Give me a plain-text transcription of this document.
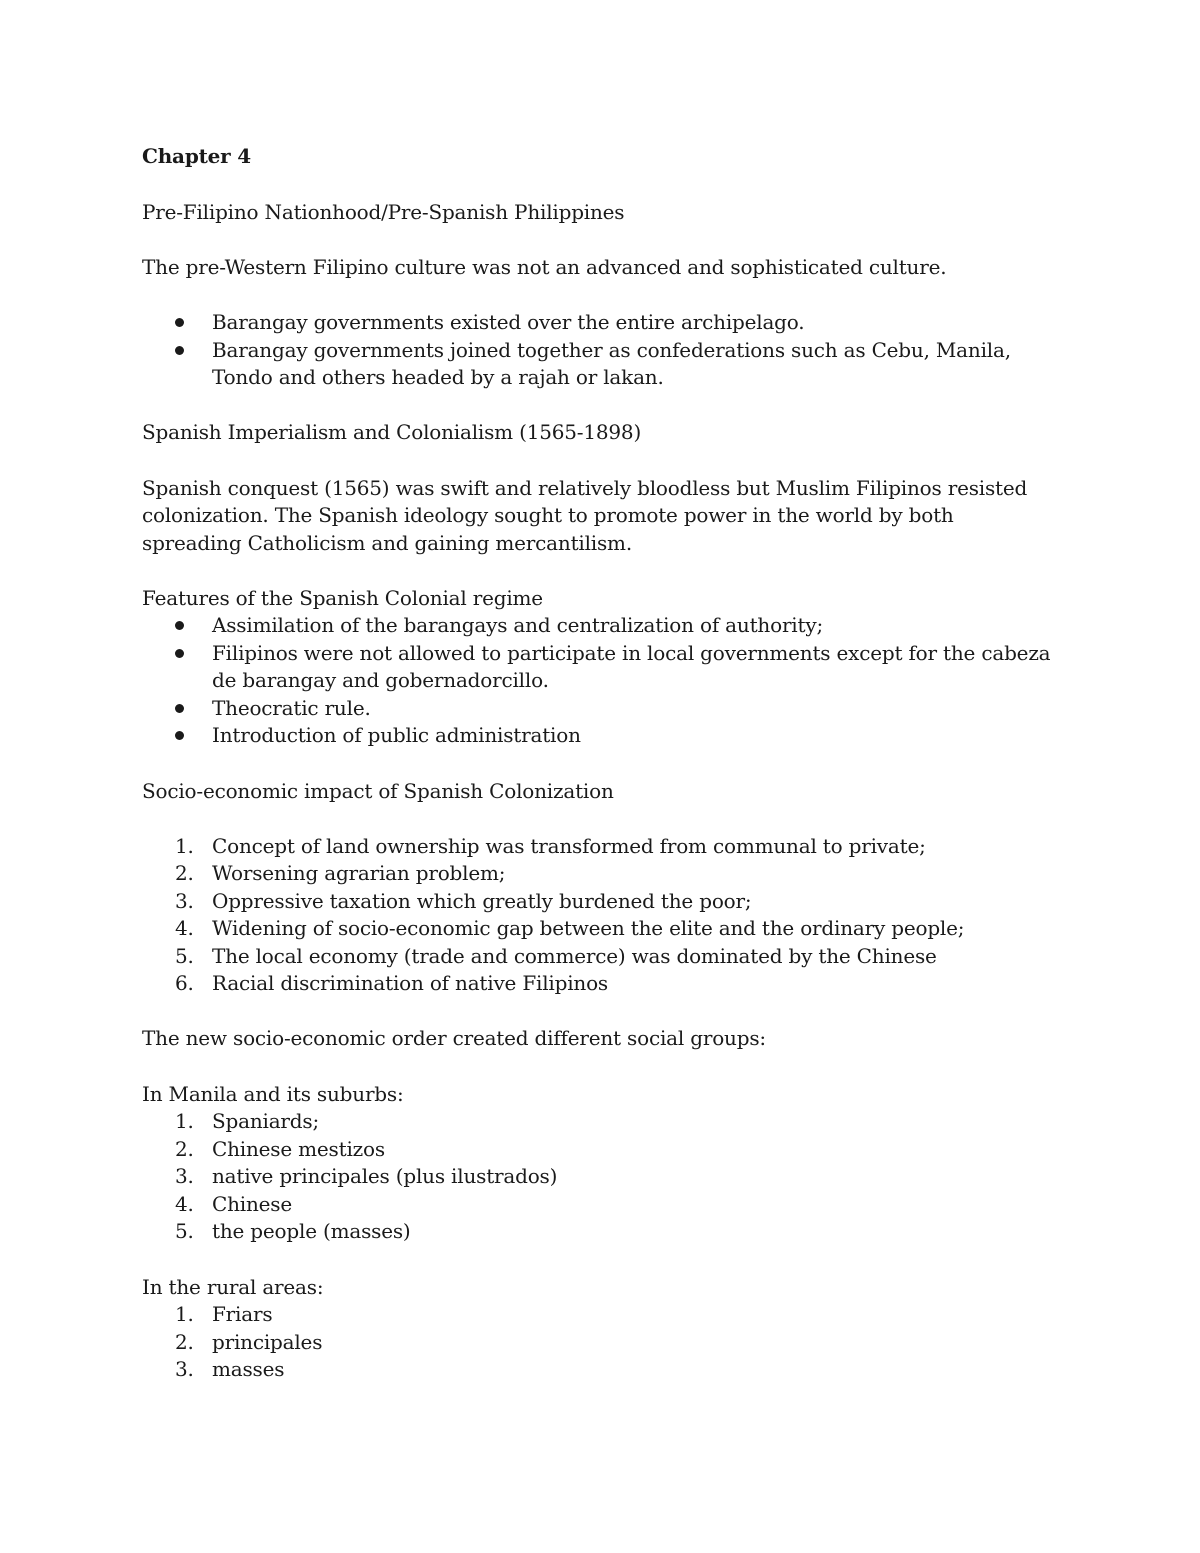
Chapter 4
Pre-Filipino Nationhood/Pre-Spanish Philippines
The pre-Western Filipino culture was not an advanced and sophisticated culture.
Barangay governments existed over the entire archipelago.
Barangay governments joined together as confederations such as Cebu, Manila,
Tondo and others headed by a rajah or lakan.
Spanish Imperialism and Colonialism (1565-1898)
Spanish conquest (1565) was swift and relatively bloodless but Muslim Filipinos resisted
colonization. The Spanish ideology sought to promote power in the world by both
spreading Catholicism and gaining mercantilism.
Features of the Spanish Colonial regime
Assimilation of the barangays and centralization of authority;
Filipinos were not allowed to participate in local governments except for the cabeza
de barangay and gobernadorcillo.
Theocratic rule.
Introduction of public administration
Socio-economic impact of Spanish Colonization
1. Concept of land ownership was transformed from communal to private;
2. Worsening agrarian problem;
3. Oppressive taxation which greatly burdened the poor;
4. Widening of socio-economic gap between the elite and the ordinary people;
5. The local economy (trade and commerce) was dominated by the Chinese
6. Racial discrimination of native Filipinos
The new socio-economic order created different social groups:
In Manila and its suburbs:
1. Spaniards;
2. Chinese mestizos
3. native principales (plus ilustrados)
4. Chinese
5. the people (masses)
In the rural areas:
1. Friars
2. principales
3. masses
